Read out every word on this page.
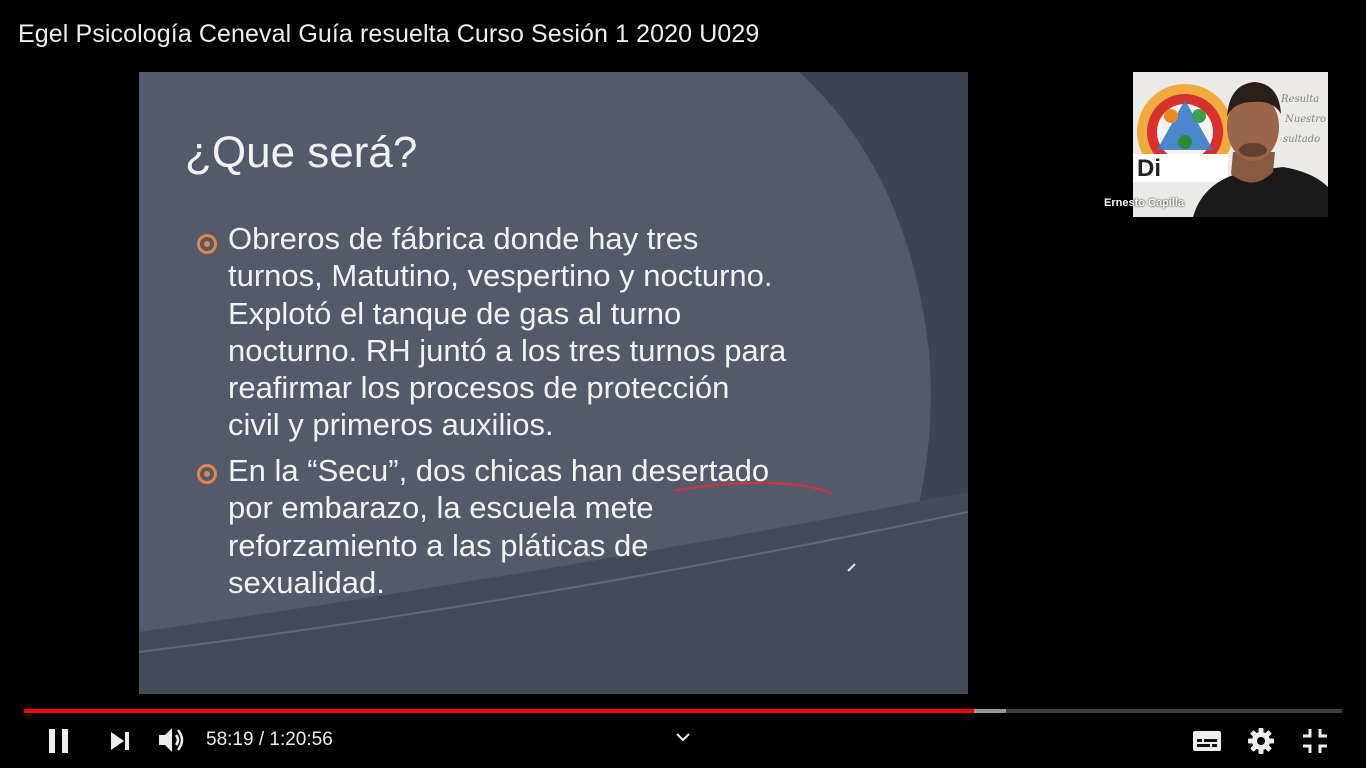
Egel Psicología Ceneval Guía resuelta Curso Sesión 1 2020 U029
¿Que será?
Obreros de fábrica donde hay tres
turnos, Matutino, vespertino y nocturno.
Explotó el tanque de gas al turno
nocturno. RH juntó a los tres turnos para
reafirmar los procesos de protección
civil y primeros auxilios.
En la “Secu”, dos chicas han desertado
por embarazo, la escuela mete
reforzamiento a las pláticas de
sexualidad.
Di
Resulta
Nuestro
sultado
Ernesto Capilla
58:19 / 1:20:56
